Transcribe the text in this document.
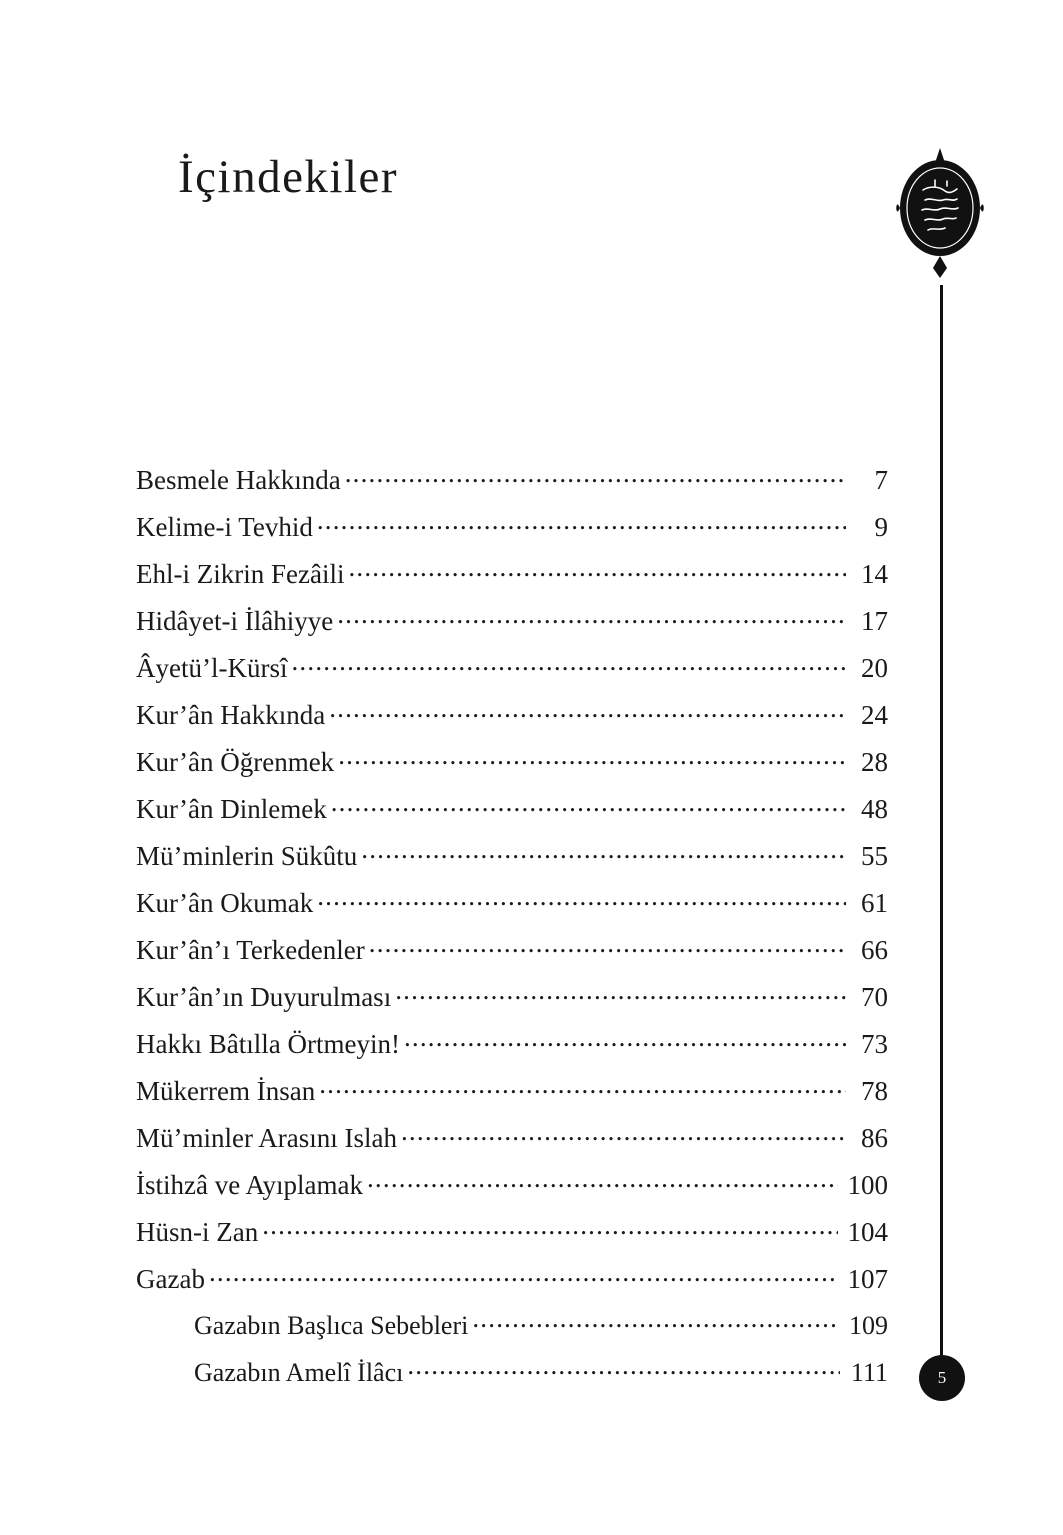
İçindekiler
5
Besmele Hakkında .....	7
Kelime-i Tevhid .....	9
Ehl-i Zikrin Fezâili .....	14
Hidâyet-i İlâhiyye .....	17
Âyetü’l-Kürsî .....	20
Kur’ân Hakkında .....	24
Kur’ân Öğrenmek .....	28
Kur’ân Dinlemek .....	48
Mü’minlerin Sükûtu .....	55
Kur’ân Okumak .....	61
Kur’ân’ı Terkedenler .....	66
Kur’ân’ın Duyurulması .....	70
Hakkı Bâtılla Örtmeyin! .....	73
Mükerrem İnsan .....	78
Mü’minler Arasını Islah .....	86
İstihzâ ve Ayıplamak .....	100
Hüsn-i Zan .....	104
Gazab .....	107
Gazabın Başlıca Sebebleri .....	109
Gazabın Amelî İlâcı .....	111
